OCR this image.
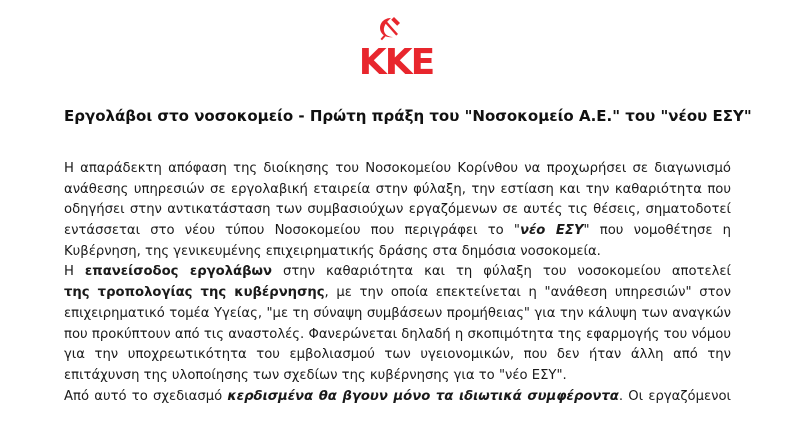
ΚΚΕ
Εργολάβοι στο νοσοκομείο - Πρώτη πράξη του "Νοσοκομείο Α.Ε." του "νέου ΕΣΥ"
Η απαράδεκτη απόφαση της διοίκησης του Νοσοκομείου Κορίνθου να προχωρήσει σε διαγωνισμό
ανάθεσης υπηρεσιών σε εργολαβική εταιρεία στην φύλαξη, την εστίαση και την καθαριότητα που
οδηγήσει στην αντικατάσταση των συμβασιούχων εργαζόμενων σε αυτές τις θέσεις, σηματοδοτεί
εντάσσεται στο νέου τύπου Νοσοκομείου που περιγράφει το "νέο ΕΣΥ" που νομοθέτησε η
Κυβέρνηση, της γενικευμένης επιχειρηματικής δράσης στα δημόσια νοσοκομεία.
Η επανείσοδος εργολάβων στην καθαριότητα και τη φύλαξη του νοσοκομείου αποτελεί
της τροπολογίας της κυβέρνησης, με την οποία επεκτείνεται η "ανάθεση υπηρεσιών" στον
επιχειρηματικό τομέα Υγείας, "με τη σύναψη συμβάσεων προμήθειας" για την κάλυψη των αναγκών
που προκύπτουν από τις αναστολές. Φανερώνεται δηλαδή η σκοπιμότητα της εφαρμογής του νόμου
για την υποχρεωτικότητα του εμβολιασμού των υγειονομικών, που δεν ήταν άλλη από την
επιτάχυνση της υλοποίησης των σχεδίων της κυβέρνησης για το "νέο ΕΣΥ".
Από αυτό το σχεδιασμό κερδισμένα θα βγουν μόνο τα ιδιωτικά συμφέροντα. Οι εργαζόμενοι
